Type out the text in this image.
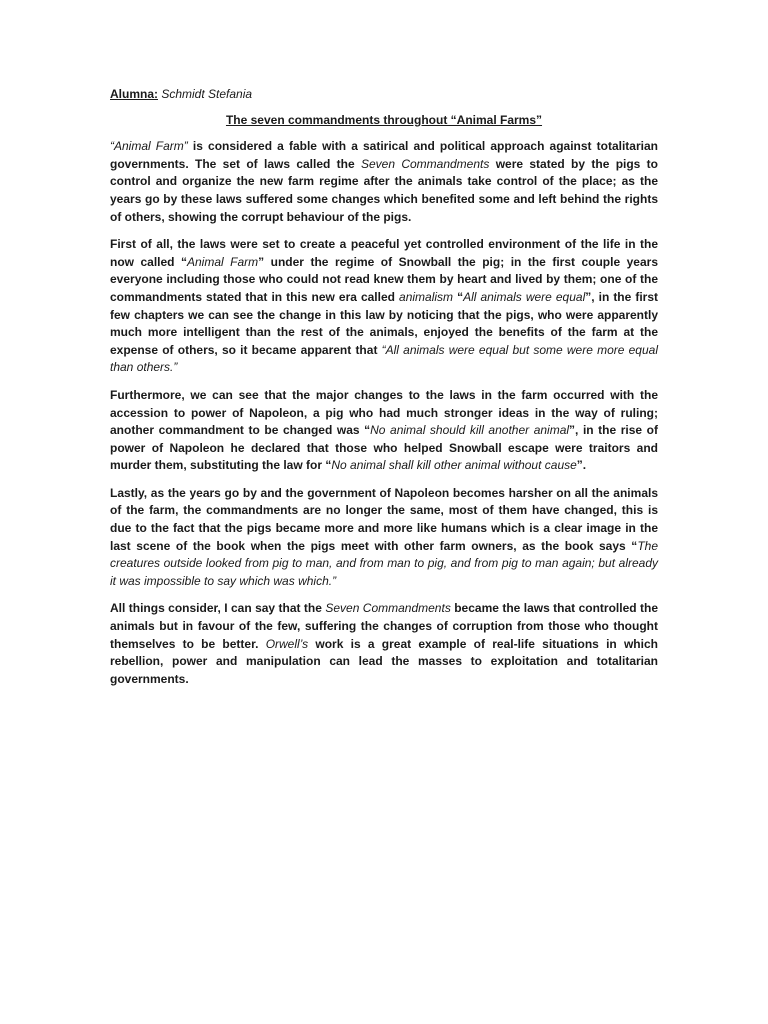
Alumna: Schmidt Stefania

The seven commandments throughout “Animal Farms”

“Animal Farm” is considered a fable with a satirical and political approach against totalitarian governments. The set of laws called the Seven Commandments were stated by the pigs to control and organize the new farm regime after the animals take control of the place; as the years go by these laws suffered some changes which benefited some and left behind the rights of others, showing the corrupt behaviour of the pigs.

First of all, the laws were set to create a peaceful yet controlled environment of the life in the now called “Animal Farm” under the regime of Snowball the pig; in the first couple years everyone including those who could not read knew them by heart and lived by them; one of the commandments stated that in this new era called animalism “All animals were equal”, in the first few chapters we can see the change in this law by noticing that the pigs, who were apparently much more intelligent than the rest of the animals, enjoyed the benefits of the farm at the expense of others, so it became apparent that “All animals were equal but some were more equal than others.”

Furthermore, we can see that the major changes to the laws in the farm occurred with the accession to power of Napoleon, a pig who had much stronger ideas in the way of ruling; another commandment to be changed was “No animal should kill another animal”, in the rise of power of Napoleon he declared that those who helped Snowball escape were traitors and murder them, substituting the law for “No animal shall kill other animal without cause”.

Lastly, as the years go by and the government of Napoleon becomes harsher on all the animals of the farm, the commandments are no longer the same, most of them have changed, this is due to the fact that the pigs became more and more like humans which is a clear image in the last scene of the book when the pigs meet with other farm owners, as the book says “The creatures outside looked from pig to man, and from man to pig, and from pig to man again; but already it was impossible to say which was which.”

All things consider, I can say that the Seven Commandments became the laws that controlled the animals but in favour of the few, suffering the changes of corruption from those who thought themselves to be better. Orwell’s work is a great example of real-life situations in which rebellion, power and manipulation can lead the masses to exploitation and totalitarian governments.
